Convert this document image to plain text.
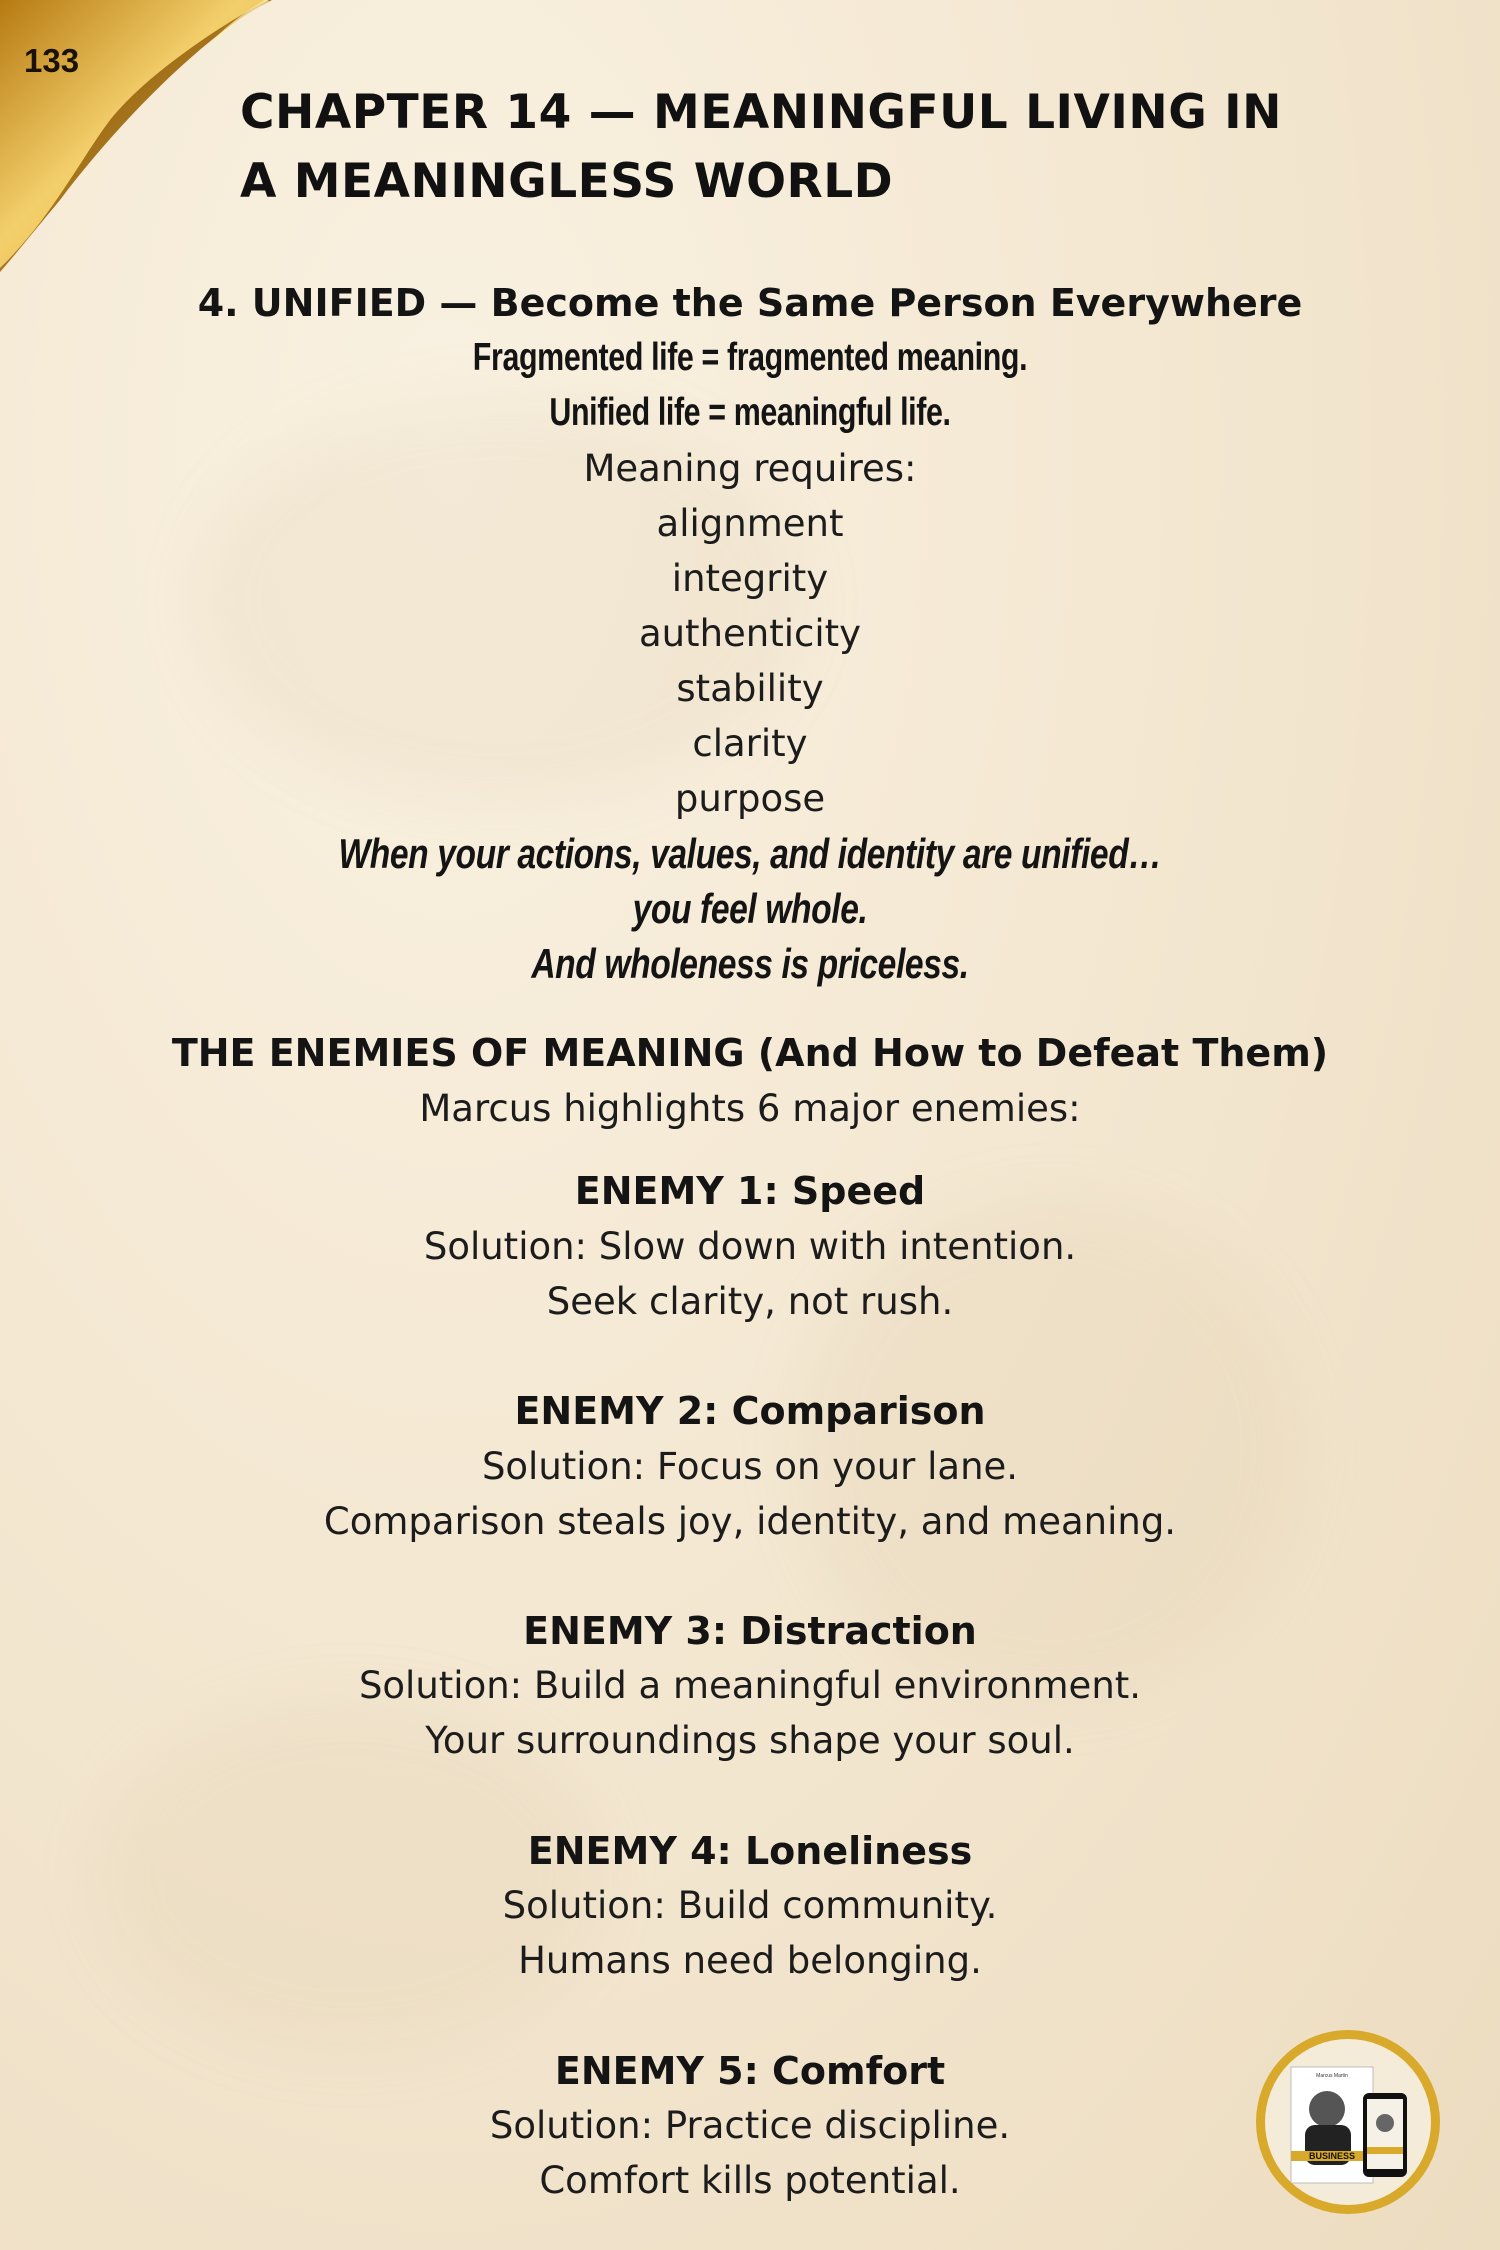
133
CHAPTER 14 — MEANINGFUL LIVING IN
A MEANINGLESS WORLD
4. UNIFIED — Become the Same Person Everywhere
Fragmented life = fragmented meaning.
Unified life = meaningful life.
Meaning requires:
alignment
integrity
authenticity
stability
clarity
purpose
When your actions, values, and identity are unified…
you feel whole.
And wholeness is priceless.
THE ENEMIES OF MEANING (And How to Defeat Them)
Marcus highlights 6 major enemies:
ENEMY 1: Speed
Solution: Slow down with intention.
Seek clarity, not rush.
ENEMY 2: Comparison
Solution: Focus on your lane.
Comparison steals joy, identity, and meaning.
ENEMY 3: Distraction
Solution: Build a meaningful environment.
Your surroundings shape your soul.
ENEMY 4: Loneliness
Solution: Build community.
Humans need belonging.
ENEMY 5: Comfort
Solution: Practice discipline.
Comfort kills potential.
BUSINESS
Marcus Martin
